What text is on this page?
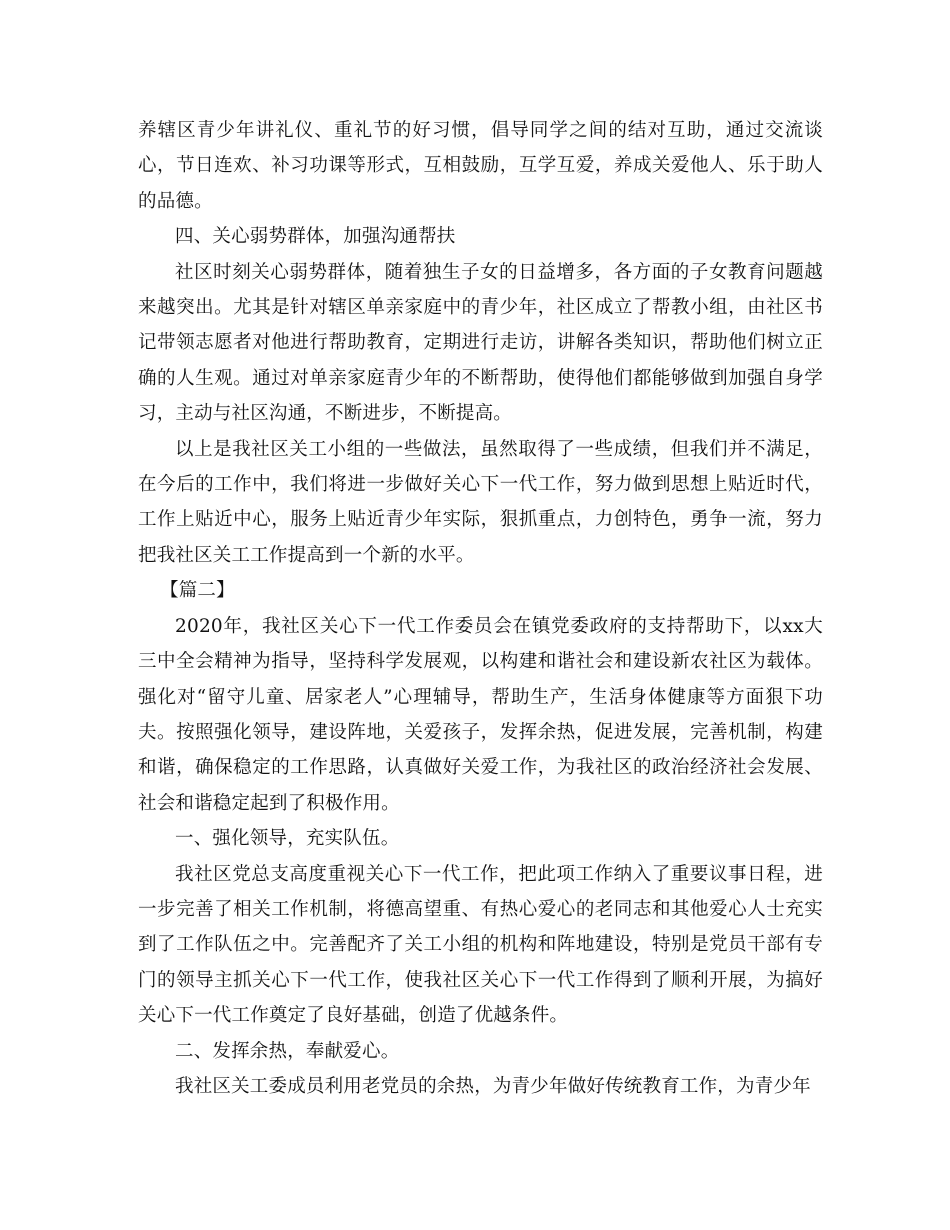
养辖区青少年讲礼仪、重礼节的好习惯，倡导同学之间的结对互助，通过交流谈心，节日连欢、补习功课等形式，互相鼓励，互学互爱，养成关爱他人、乐于助人的品德。

四、关心弱势群体，加强沟通帮扶

社区时刻关心弱势群体，随着独生子女的日益增多，各方面的子女教育问题越来越突出。尤其是针对辖区单亲家庭中的青少年，社区成立了帮教小组，由社区书记带领志愿者对他进行帮助教育，定期进行走访，讲解各类知识，帮助他们树立正确的人生观。通过对单亲家庭青少年的不断帮助，使得他们都能够做到加强自身学习，主动与社区沟通，不断进步，不断提高。

以上是我社区关工小组的一些做法，虽然取得了一些成绩，但我们并不满足，在今后的工作中，我们将进一步做好关心下一代工作，努力做到思想上贴近时代，工作上贴近中心，服务上贴近青少年实际，狠抓重点，力创特色，勇争一流，努力把我社区关工工作提高到一个新的水平。

【篇二】

2020年，我社区关心下一代工作委员会在镇党委政府的支持帮助下，以xx大三中全会精神为指导，坚持科学发展观，以构建和谐社会和建设新农社区为载体。强化对“留守儿童、居家老人”心理辅导，帮助生产，生活身体健康等方面狠下功夫。按照强化领导，建设阵地，关爱孩子，发挥余热，促进发展，完善机制，构建和谐，确保稳定的工作思路，认真做好关爱工作，为我社区的政治经济社会发展、社会和谐稳定起到了积极作用。

一、强化领导，充实队伍。

我社区党总支高度重视关心下一代工作，把此项工作纳入了重要议事日程，进一步完善了相关工作机制，将德高望重、有热心爱心的老同志和其他爱心人士充实到了工作队伍之中。完善配齐了关工小组的机构和阵地建设，特别是党员干部有专门的领导主抓关心下一代工作，使我社区关心下一代工作得到了顺利开展，为搞好关心下一代工作奠定了良好基础，创造了优越条件。

二、发挥余热，奉献爱心。

我社区关工委成员利用老党员的余热，为青少年做好传统教育工作，为青少年
